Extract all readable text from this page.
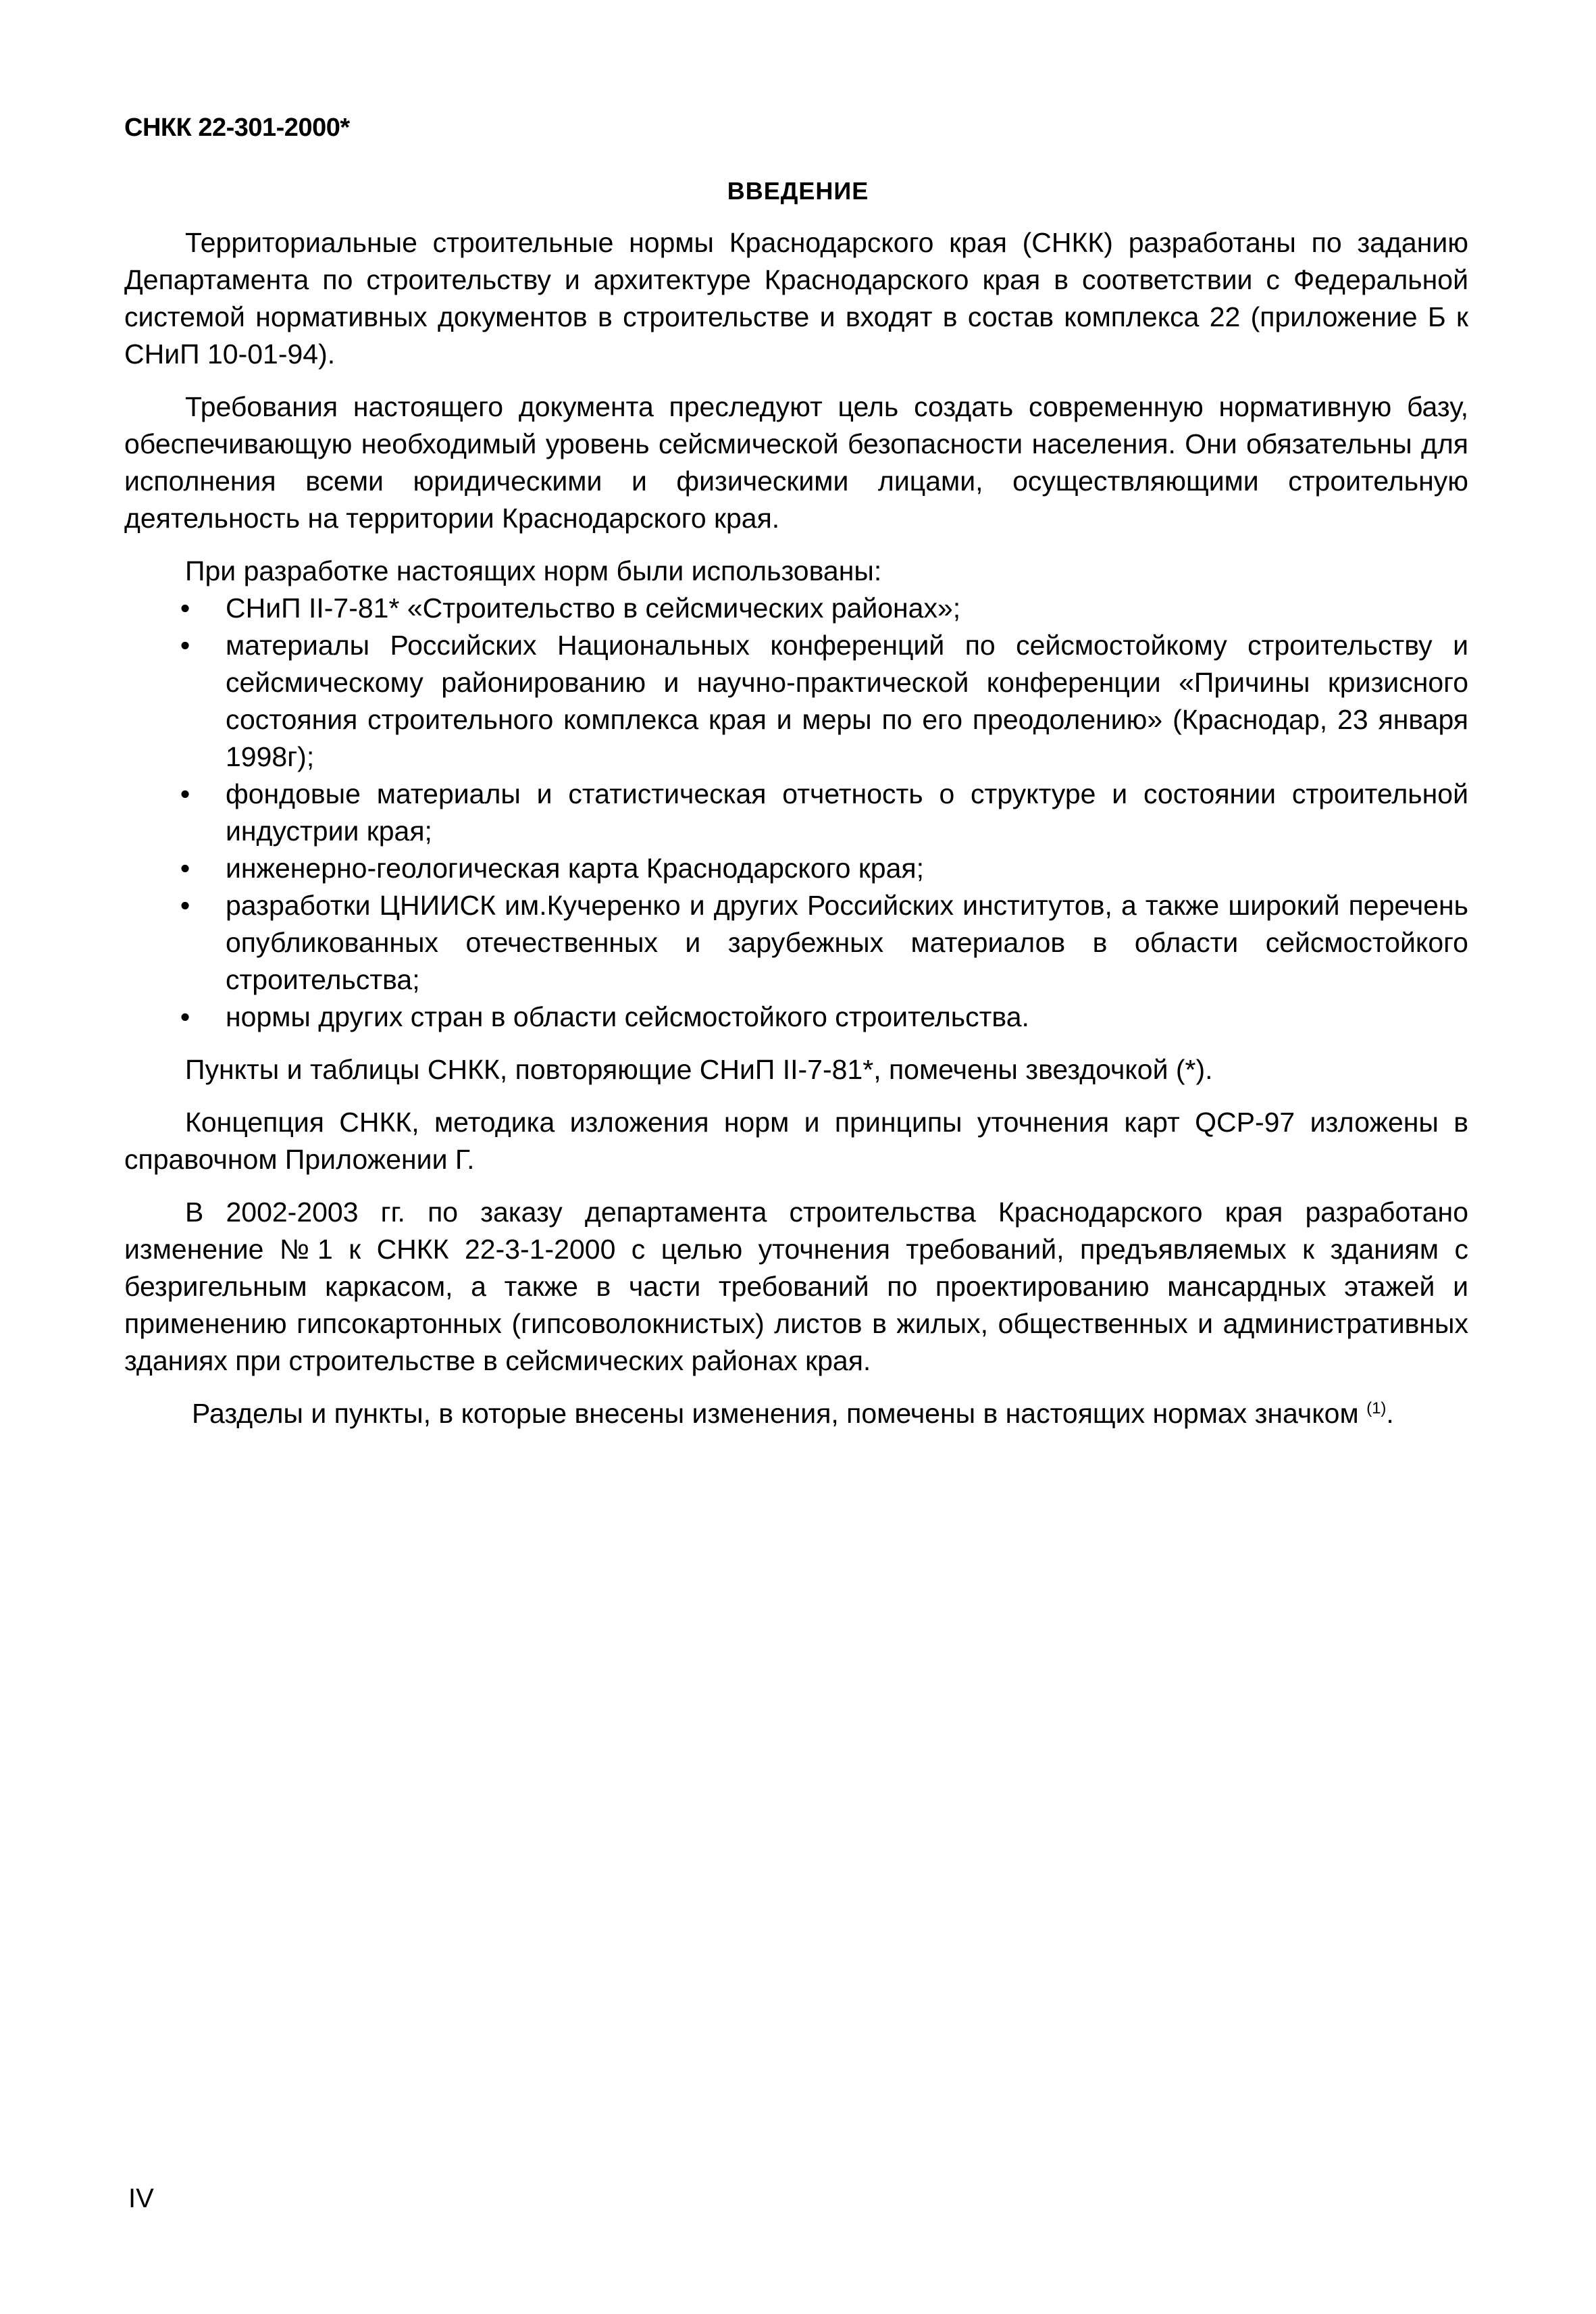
СНКК 22-301-2000*
ВВЕДЕНИЕ

Территориальные строительные нормы Краснодарского края (СНКК) разработаны по заданию Департамента по строительству и архитектуре Краснодарского края в соответствии с Федеральной системой нормативных документов в строительстве и входят в состав комплекса 22 (приложение Б к СНиП 10-01-94).

Требования настоящего документа преследуют цель создать современную нормативную базу, обеспечивающую необходимый уровень сейсмической безопасности населения. Они обязательны для исполнения всеми юридическими и физическими лицами, осуществляющими строительную деятельность на территории Краснодарского края.

При разработке настоящих норм были использованы:

•	СНиП II-7-81* «Строительство в сейсмических районах»;
•	материалы Российских Национальных конференций по сейсмостойкому строительству и сейсмическому районированию и научно-практической конференции «Причины кризисного состояния строительного комплекса края и меры по его преодолению» (Краснодар, 23 января 1998г);
•	фондовые материалы и статистическая отчетность о структуре и состоянии строительной индустрии края;
•	инженерно-геологическая карта Краснодарского края;
•	разработки ЦНИИСК им.Кучеренко и других Российских институтов, а также широкий перечень опубликованных отечественных и зарубежных материалов в области сейсмостойкого строительства;
•	нормы других стран в области сейсмостойкого строительства.

Пункты и таблицы СНКК, повторяющие СНиП II-7-81*, помечены звездочкой (*).

Концепция СНКК, методика изложения норм и принципы уточнения карт QCP-97 изложены в справочном Приложении Г.

В 2002-2003 гг. по заказу департамента строительства Краснодарского края разработано изменение №1 к СНКК 22-3-1-2000 с целью уточнения требований, предъявляемых к зданиям с безригельным каркасом, а также в части требований по проектированию мансардных этажей и применению гипсокартонных (гипсоволокнистых) листов в жилых, общественных и административных зданиях при строительстве в сейсмических районах края.

Разделы и пункты, в которые внесены изменения, помечены в настоящих нормах значком $^{(1)}$.

IV
